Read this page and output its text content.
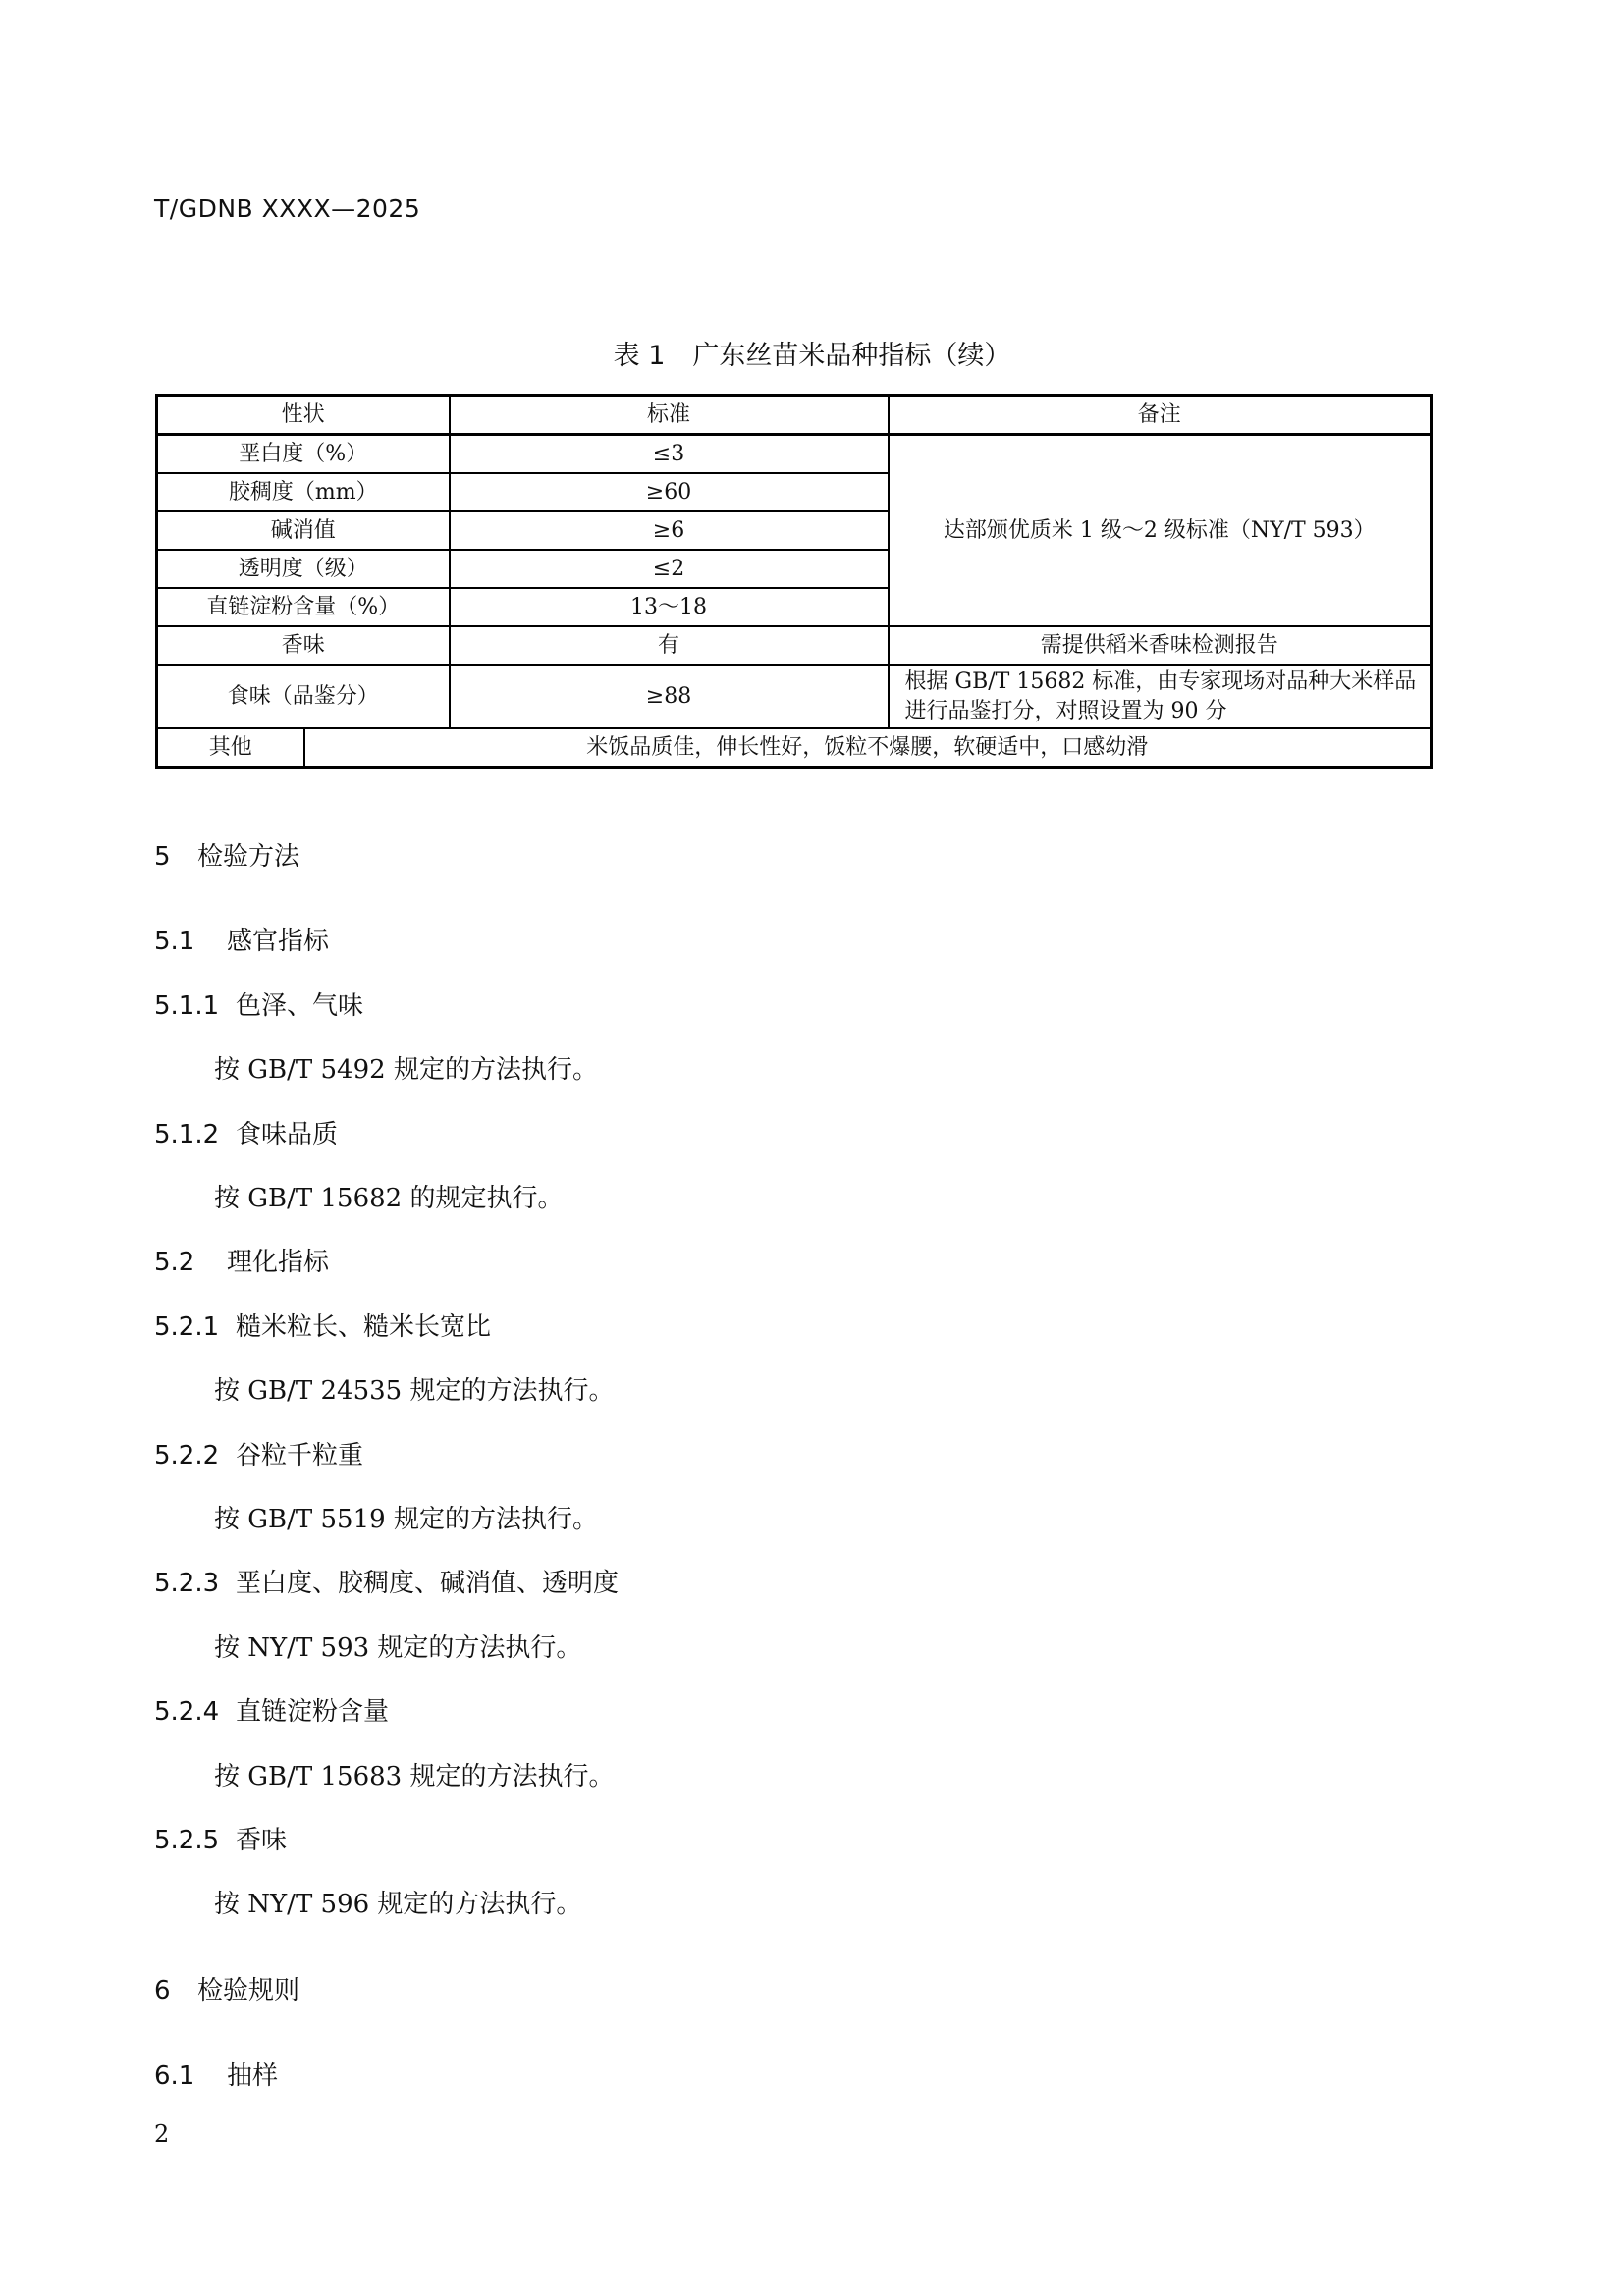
T/GDNB XXXX—2025
表 1 广东丝苗米品种指标（续）
性状		标准	备注
垩白度（%）		≤3	达部颁优质米 1 级～2 级标准（NY/T 593）
胶稠度（mm）		≥60	
碱消值		≥6	
透明度（级）		≤2	
直链淀粉含量（%）		13～18	
香味		有	需提供稻米香味检测报告
食味（品鉴分）		≥88	根据 GB/T 15682 标准，由专家现场对品种大米样品进行品鉴打分，对照设置为 90 分
其他	米饭品质佳，伸长性好，饭粒不爆腰，软硬适中，口感幼滑		
5 检验方法
5.1 感官指标
5.1.1 色泽、气味
按 GB/T 5492 规定的方法执行。
5.1.2 食味品质
按 GB/T 15682 的规定执行。
5.2 理化指标
5.2.1 糙米粒长、糙米长宽比
按 GB/T 24535 规定的方法执行。
5.2.2 谷粒千粒重
按 GB/T 5519 规定的方法执行。
5.2.3 垩白度、胶稠度、碱消值、透明度
按 NY/T 593 规定的方法执行。
5.2.4 直链淀粉含量
按 GB/T 15683 规定的方法执行。
5.2.5 香味
按 NY/T 596 规定的方法执行。
6 检验规则
6.1 抽样
2
